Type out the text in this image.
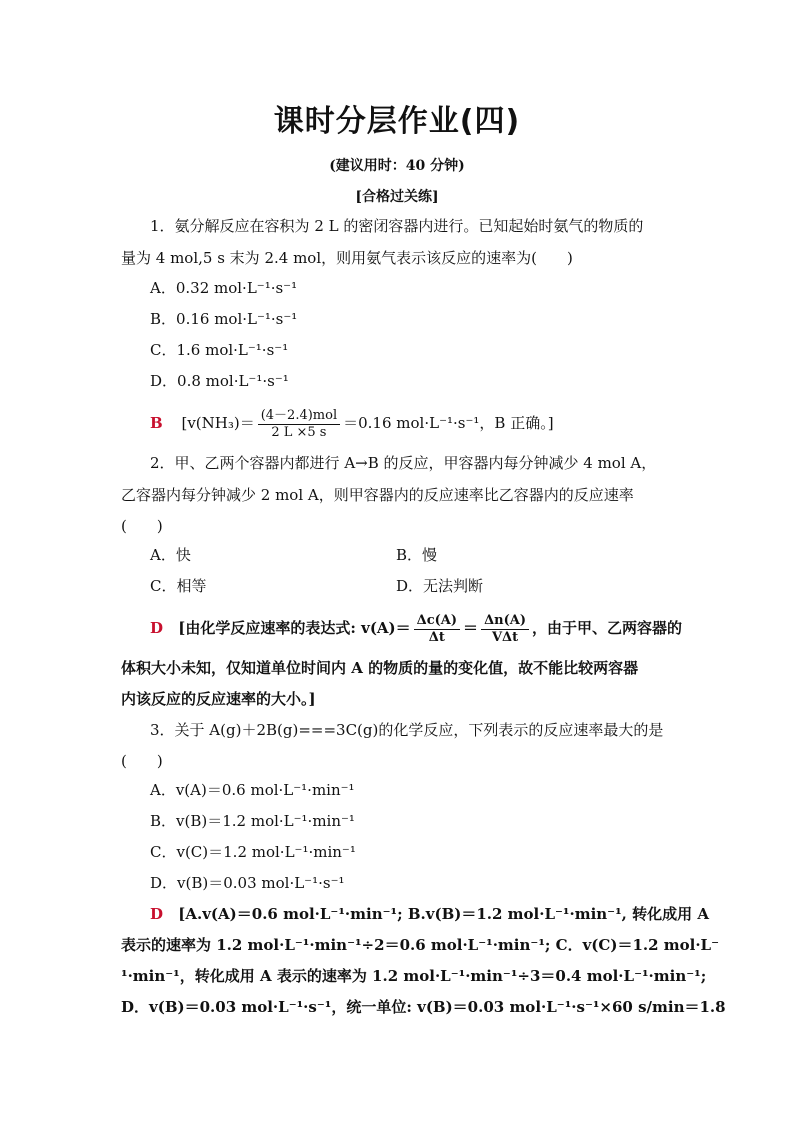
课时分层作业(四)
(建议用时：40 分钟)
[合格过关练]
1．氨分解反应在容积为 2 L 的密闭容器内进行。已知起始时氨气的物质的
量为 4 mol,5 s 末为 2.4 mol，则用氨气表示该反应的速率为(　　)
A．0.32 mol·L⁻¹·s⁻¹
B．0.16 mol·L⁻¹·s⁻¹
C．1.6 mol·L⁻¹·s⁻¹
D．0.8 mol·L⁻¹·s⁻¹
B [$v(NH_3)= \frac{\text{(4－2.4)mol}}{2 L \times 5 s} =0.16$ mol·L⁻¹·s⁻¹，B 正确。]
2．甲、乙两个容器内都进行 A→B 的反应，甲容器内每分钟减少 4 mol A，
乙容器内每分钟减少 2 mol A，则甲容器内的反应速率比乙容器内的反应速率
(　　)
A．快	B．慢
C．相等	D．无法判断
D [由化学反应速率的表达式: $v(A)= \frac{\Delta c(A)}{\Delta t} = \frac{\Delta n(A)}{\text{VΔt}}$ ，由于甲、乙两容器的
体积大小未知，仅知道单位时间内 A 的物质的量的变化值，故不能比较两容器
内该反应的反应速率的大小。]
3．关于 A(g)＋2B(g)===3C(g)的化学反应，下列表示的反应速率最大的是
(　　)
A．v(A)＝0.6 mol·L⁻¹·min⁻¹
B．v(B)＝1.2 mol·L⁻¹·min⁻¹
C．v(C)＝1.2 mol·L⁻¹·min⁻¹
D．v(B)＝0.03 mol·L⁻¹·s⁻¹
D [A.v(A)＝0.6 mol·L⁻¹·min⁻¹; B.v(B)＝1.2 mol·L⁻¹·min⁻¹, 转化成用 A
表示的速率为 1.2 mol·L⁻¹·min⁻¹÷2＝0.6 mol·L⁻¹·min⁻¹; C．v(C)＝1.2 mol·L⁻
¹·min⁻¹，转化成用 A 表示的速率为 1.2 mol·L⁻¹·min⁻¹÷3＝0.4 mol·L⁻¹·min⁻¹;
D．v(B)＝0.03 mol·L⁻¹·s⁻¹，统一单位: v(B)＝0.03 mol·L⁻¹·s⁻¹×60 s/min＝1.8
